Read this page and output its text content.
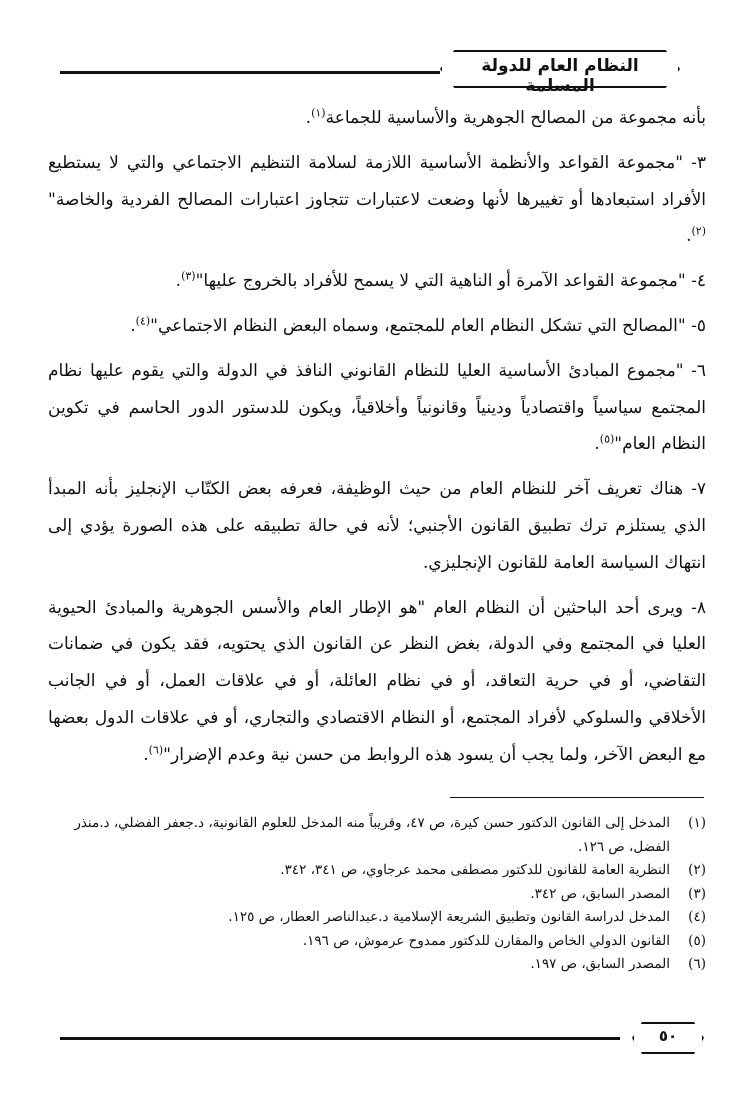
النظام العام للدولة المسلمة

بأنه مجموعة من المصالح الجوهرية والأساسية للجماعة$^{(١)}$.

٣- "مجموعة القواعد والأنظمة الأساسية اللازمة لسلامة التنظيم الاجتماعي والتي لا يستطيع الأفراد استبعادها أو تغييرها لأنها وضعت لاعتبارات تتجاوز اعتبارات المصالح الفردية والخاصة"$^{(٢)}$.

٤- "مجموعة القواعد الآمرة أو الناهية التي لا يسمح للأفراد بالخروج عليها"$^{(٣)}$.

٥- "المصالح التي تشكل النظام العام للمجتمع، وسماه البعض النظام الاجتماعي"$^{(٤)}$.

٦- "مجموع المبادئ الأساسية العليا للنظام القانوني النافذ في الدولة والتي يقوم عليها نظام المجتمع سياسياً واقتصادياً ودينياً وقانونياً وأخلاقياً، ويكون للدستور الدور الحاسم في تكوين النظام العام"$^{(٥)}$.

٧- هناك تعريف آخر للنظام العام من حيث الوظيفة، فعرفه بعض الكتّاب الإنجليز بأنه المبدأ الذي يستلزم ترك تطبيق القانون الأجنبي؛ لأنه في حالة تطبيقه على هذه الصورة يؤدي إلى انتهاك السياسة العامة للقانون الإنجليزي.

٨- ويرى أحد الباحثين أن النظام العام "هو الإطار العام والأسس الجوهرية والمبادئ الحيوية العليا في المجتمع وفي الدولة، بغض النظر عن القانون الذي يحتويه، فقد يكون في ضمانات التقاضي، أو في حرية التعاقد، أو في نظام العائلة، أو في علاقات العمل، أو في الجانب الأخلاقي والسلوكي لأفراد المجتمع، أو النظام الاقتصادي والتجاري، أو في علاقات الدول بعضها مع البعض الآخر، ولما يجب أن يسود هذه الروابط من حسن نية وعدم الإضرار"$^{(٦)}$.

(١)
المدخل إلى القانون الدكتور حسن كيرة، ص ٤٧، وقريباً منه المدخل للعلوم القانونية، د.جعفر الفضلي، د.منذر الفضل، ص ١٢٦.
(٢)
النظرية العامة للقانون للدكتور مصطفى محمد عرجاوي، ص ٣٤١، ٣٤٢.
(٣)
المصدر السابق، ص ٣٤٢.
(٤)
المدخل لدراسة القانون وتطبيق الشريعة الإسلامية د.عبدالناصر العطار، ص ١٢٥.
(٥)
القانون الدولي الخاص والمقارن للدكتور ممدوح عرموش، ص ١٩٦.
(٦)
المصدر السابق، ص ١٩٧.
٥٠
